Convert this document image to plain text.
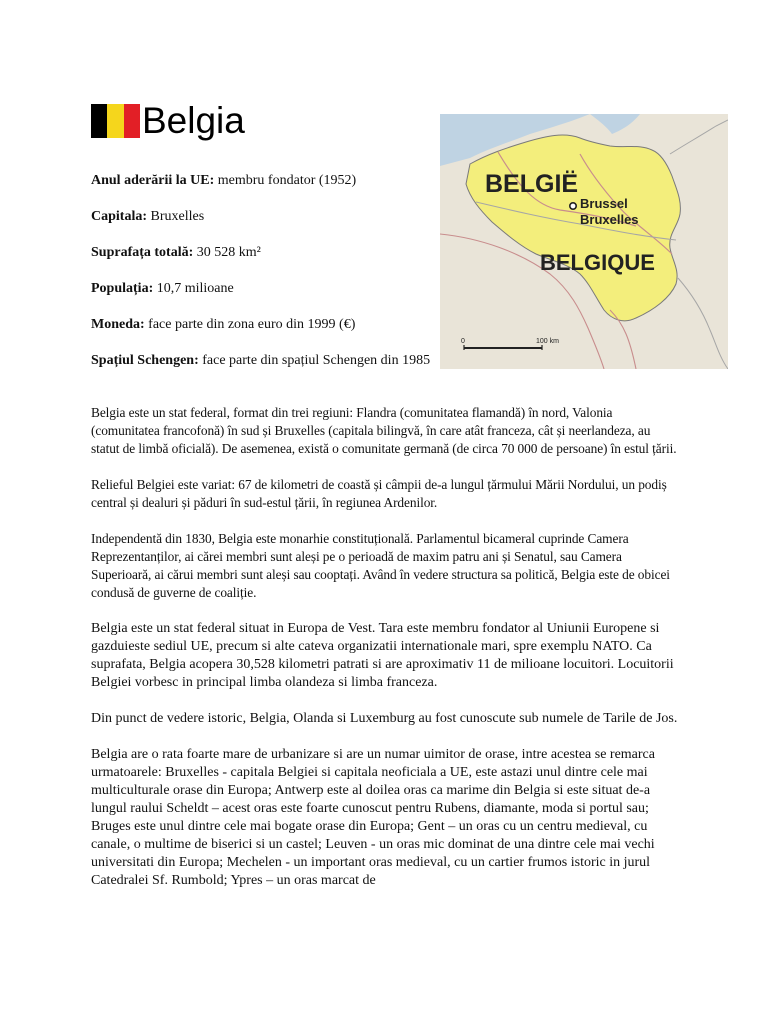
Belgia

Anul aderării la UE: membru fondator (1952)

Capitala: Bruxelles

Suprafața totală: 30 528 km²

Populația: 10,7 milioane

Moneda: face parte din zona euro din 1999 (€)

Spațiul Schengen: face parte din spațiul Schengen din 1985

BELGIË
BELGIQUE
Brussel
Bruxelles
0	100 km

Belgia este un stat federal, format din trei regiuni: Flandra (comunitatea flamandă) în nord, Valonia (comunitatea francofonă) în sud și Bruxelles (capitala bilingvă, în care atât franceza, cât și neerlandeza, au statut de limbă oficială). De asemenea, există o comunitate germană (de circa 70 000 de persoane) în estul țării.

Relieful Belgiei este variat: 67 de kilometri de coastă și câmpii de-a lungul țărmului Mării Nordului, un podiș central și dealuri și păduri în sud-estul țării, în regiunea Ardenilor.

Independentă din 1830, Belgia este monarhie constituțională. Parlamentul bicameral cuprinde Camera Reprezentanților, ai cărei membri sunt aleși pe o perioadă de maxim patru ani și Senatul, sau Camera Superioară, ai cărui membri sunt aleși sau cooptați. Având în vedere structura sa politică, Belgia este de obicei condusă de guverne de coaliție.

Belgia este un stat federal situat in Europa de Vest. Tara este membru fondator al Uniunii Europene si gazduieste sediul UE, precum si alte cateva organizatii internationale mari, spre exemplu NATO. Ca suprafata, Belgia acopera 30,528 kilometri patrati si are aproximativ 11 de milioane locuitori. Locuitorii Belgiei vorbesc in principal limba olandeza si limba franceza.

Din punct de vedere istoric, Belgia, Olanda si Luxemburg au fost cunoscute sub numele de Tarile de Jos.

Belgia are o rata foarte mare de urbanizare si are un numar uimitor de orase, intre acestea se remarca urmatoarele: Bruxelles - capitala Belgiei si capitala neoficiala a UE, este astazi unul dintre cele mai multiculturale orase din Europa; Antwerp este al doilea oras ca marime din Belgia si este situat de-a lungul raului Scheldt – acest oras este foarte cunoscut pentru Rubens, diamante, moda si portul sau; Bruges este unul dintre cele mai bogate orase din Europa; Gent – un oras cu un centru medieval, cu canale, o multime de biserici si un castel; Leuven - un oras mic dominat de una dintre cele mai vechi universitati din Europa; Mechelen - un important oras medieval, cu un cartier frumos istoric in jurul Catedralei Sf. Rumbold; Ypres – un oras marcat de
